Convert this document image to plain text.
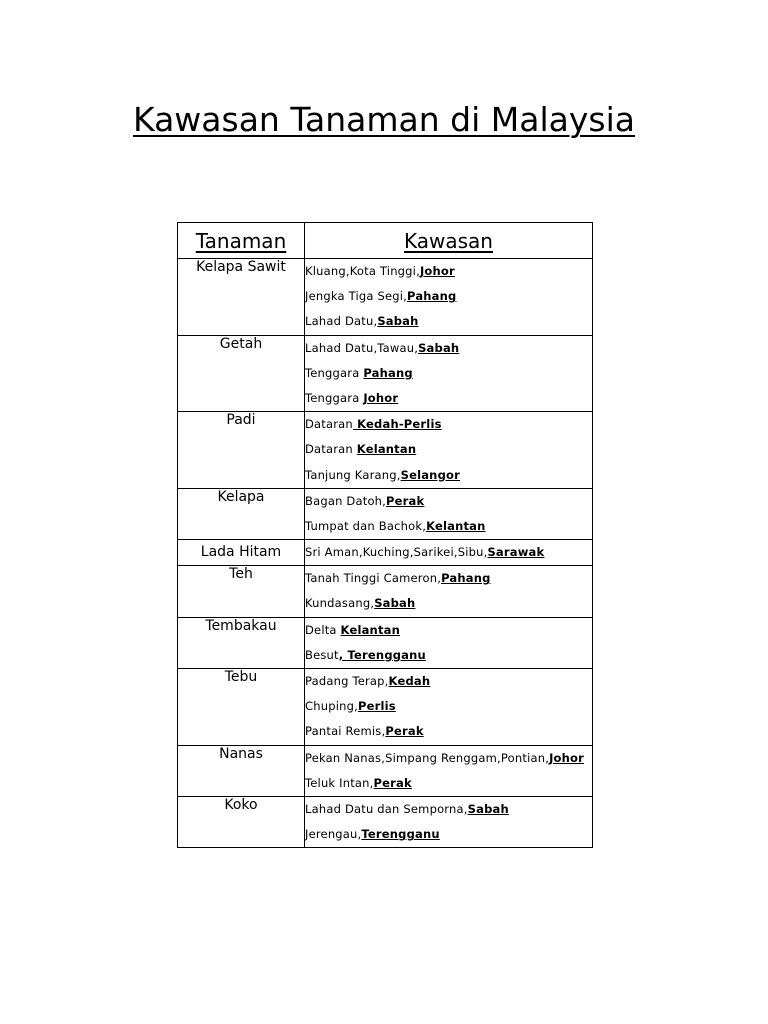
Kawasan Tanaman di Malaysia
Tanaman	Kawasan
Kelapa Sawit	Kluang,Kota Tinggi,Johor
Jengka Tiga Segi,Pahang
Lahad Datu,Sabah

Getah	Lahad Datu,Tawau,Sabah
Tenggara Pahang
Tenggara Johor

Padi	Dataran Kedah-Perlis
Dataran Kelantan
Tanjung Karang,Selangor

Kelapa	Bagan Datoh,Perak
Tumpat dan Bachok,Kelantan

Lada Hitam	Sri Aman,Kuching,Sarikei,Sibu,Sarawak

Teh	Tanah Tinggi Cameron,Pahang
Kundasang,Sabah

Tembakau	Delta Kelantan
Besut, Terengganu

Tebu	Padang Terap,Kedah
Chuping,Perlis
Pantai Remis,Perak

Nanas	Pekan Nanas,Simpang Renggam,Pontian,Johor
Teluk Intan,Perak

Koko	Lahad Datu dan Semporna,Sabah
Jerengau,Terengganu
